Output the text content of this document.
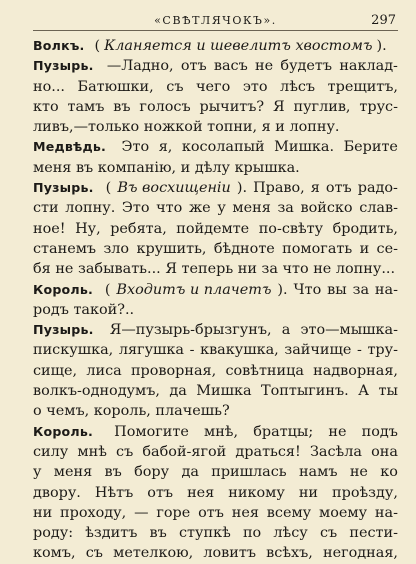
«СВѢТЛЯЧОКЪ».	297
Волкъ. ( Кланяется и шевелитъ хвостомъ ).
Пузырь. —Ладно, отъ васъ не будетъ наклад-
но... Батюшки, съ чего это лѣсъ трещитъ,
кто тамъ въ голосъ рычитъ? Я пуглив, трус-
ливъ,—только ножкой топни, я и лопну.
Медвѣдь. Это я, косолапый Мишка. Берите
меня въ компанію, и дѣлу крышка.
Пузырь. ( Въ восхищеніи ). Право, я отъ радо-
сти лопну. Это что же у меня за войско слав-
ное! Ну, ребята, пойдемте по-свѣту бродить,
станемъ зло крушить, бѣдноте помогать и се-
бя не забывать... Я теперь ни за что не лопну...
Король. ( Входитъ и плачетъ ). Что вы за на-
родъ такой?..
Пузырь. Я—пузырь-брызгунъ, а это—мышка-
пискушка, лягушка - квакушка, зайчище - тру-
сище, лиса проворная, совѣтница надворная,
волкъ-однодумъ, да Мишка Топтыгинъ. А ты
о чемъ, король, плачешь?
Король. Помогите мнѣ, братцы; не подъ
силу мнѣ съ бабой-ягой драться! Засѣла она
у меня въ бору да пришлась намъ не ко
двору. Нѣтъ отъ нея никому ни проѣзду,
ни проходу, — горе отъ нея всему моему на-
роду: ѣздитъ въ ступкѣ по лѣсу съ пести-
комъ, съ метелкою, ловитъ всѣхъ, негодная,
